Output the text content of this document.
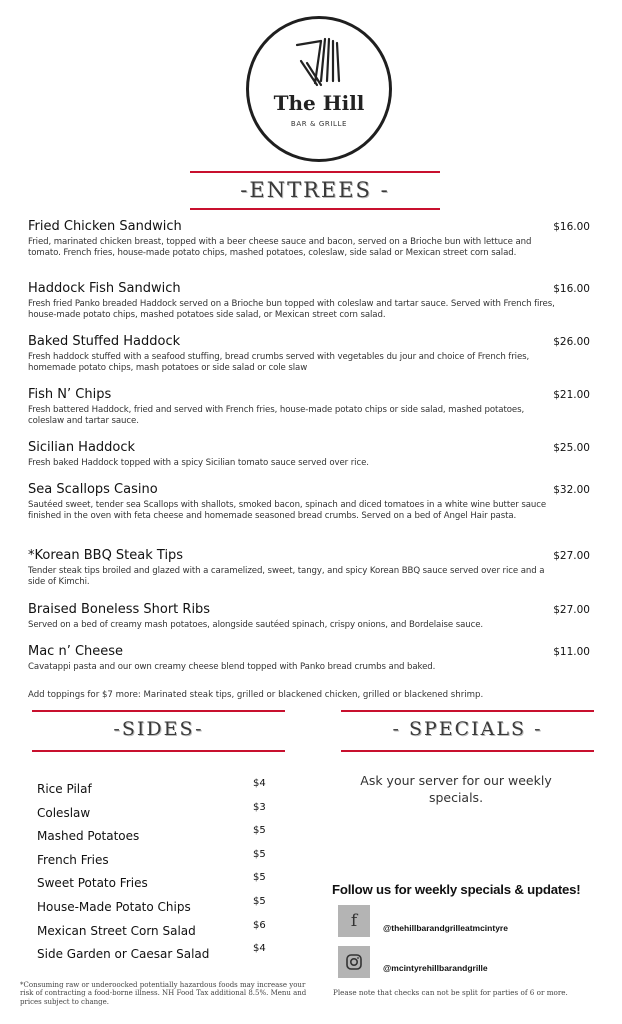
The Hill
BAR & GRILLE
-ENTREES -
Fried Chicken Sandwich	$16.00
Fried, marinated chicken breast, topped with a beer cheese sauce and bacon, served on a Brioche bun with lettuce and tomato. French fries, house-made potato chips, mashed potatoes, coleslaw, side salad or Mexican street corn salad.
Haddock Fish Sandwich	$16.00
Fresh fried Panko breaded Haddock served on a Brioche bun topped with coleslaw and tartar sauce. Served with French fires, house-made potato chips, mashed potatoes side salad, or Mexican street corn salad.
Baked Stuffed Haddock	$26.00
Fresh haddock stuffed with a seafood stuffing, bread crumbs served with vegetables du jour and choice of French fries, homemade potato chips, mash potatoes or side salad or cole slaw
Fish N’ Chips	$21.00
Fresh battered Haddock, fried and served with French fries, house-made potato chips or side salad, mashed potatoes, coleslaw and tartar sauce.
Sicilian Haddock	$25.00
Fresh baked Haddock topped with a spicy Sicilian tomato sauce served over rice.
Sea Scallops Casino	$32.00
Sautéed sweet, tender sea Scallops with shallots, smoked bacon, spinach and diced tomatoes in a white wine butter sauce finished in the oven with feta cheese and homemade seasoned bread crumbs. Served on a bed of Angel Hair pasta.
*Korean BBQ Steak Tips	$27.00
Tender steak tips broiled and glazed with a caramelized, sweet, tangy, and spicy Korean BBQ sauce served over rice and a side of Kimchi.
Braised Boneless Short Ribs	$27.00
Served on a bed of creamy mash potatoes, alongside sautéed spinach, crispy onions, and Bordelaise sauce.
Mac n’ Cheese	$11.00
Cavatappi pasta and our own creamy cheese blend topped with Panko bread crumbs and baked.
Add toppings for $7 more: Marinated steak tips, grilled or blackened chicken, grilled or blackened shrimp.
-SIDES-	- SPECIALS -
Rice Pilaf	$4
Coleslaw	$3
Mashed Potatoes	$5
French Fries	$5
Sweet Potato Fries	$5
House-Made Potato Chips	$5
Mexican Street Corn Salad	$6
Side Garden or Caesar Salad	$4
Ask your server for our weekly specials.
Follow us for weekly specials & updates!
f	@thehillbarandgrilleatmcintyre
@mcintyrehillbarandgrille
*Consuming raw or underoocked potentially hazardous foods may increase your risk of contracting a food-borne illness. NH Food Tax additional 8.5%. Menu and prices subject to change.
Please note that checks can not be split for parties of 6 or more.
